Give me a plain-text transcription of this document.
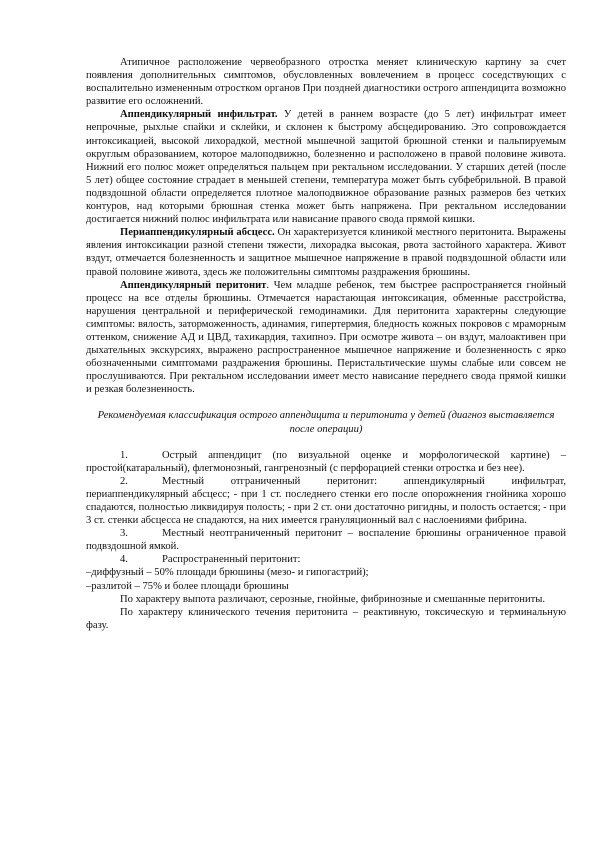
Атипичное расположение червеобразного отростка меняет клиническую картину за счет появления дополнительных симптомов, обусловленных вовлечением в процесс соседствующих с воспалительно измененным отростком органов При поздней диагностики острого аппендицита возможно развитие его осложнений.

Аппендикулярный инфильтрат. У детей в раннем возрасте (до 5 лет) инфильтрат имеет непрочные, рыхлые спайки и склейки, и склонен к быстрому абсцедированию. Это сопровождается интоксикацией, высокой лихорадкой, местной мышечной защитой брюшной стенки и пальпируемым округлым образованием, которое малоподвижно, болезненно и расположено в правой половине живота. Нижний его полюс может определяться пальцем при ректальном исследовании. У старших детей (после 5 лет) общее состояние страдает в меньшей степени, температура может быть субфебрильной. В правой подвздошной области определяется плотное малоподвижное образование разных размеров без четких контуров, над которыми брюшная стенка может быть напряжена. При ректальном исследовании достигается нижний полюс инфильтрата или нависание правого свода прямой кишки.

Периаппендикулярный абсцесс. Он характеризуется клиникой местного перитонита. Выражены явления интоксикации разной степени тяжести, лихорадка высокая, рвота застойного характера. Живот вздут, отмечается болезненность и защитное мышечное напряжение в правой подвздошной области или правой половине живота, здесь же положительны симптомы раздражения брюшины.

Аппендикулярный перитонит. Чем младше ребенок, тем быстрее распространяется гнойный процесс на все отделы брюшины. Отмечается нарастающая интоксикация, обменные расстройства, нарушения центральной и периферической гемодинамики. Для перитонита характерны следующие симптомы: вялость, заторможенность, адинамия, гипертермия, бледность кожных покровов с мраморным оттенком, снижение АД и ЦВД, тахикардия, тахипноэ. При осмотре живота – он вздут, малоактивен при дыхательных экскурсиях, выражено распространенное мышечное напряжение и болезненность с ярко обозначенными симптомами раздражения брюшины. Перистальтические шумы слабые или совсем не прослушиваются. При ректальном исследовании имеет место нависание переднего свода прямой кишки и резкая болезненность.

Рекомендуемая классификация острого аппендицита и перитонита у детей (диагноз выставляется после операции)

1.	Острый аппендицит (по визуальной оценке и морфологической картине) – простой(катаральный), флегмонозный, гангренозный (с перфорацией стенки отростка и без нее).

2.	Местный отграниченный перитонит: аппендикулярный инфильтрат, периаппендикулярный абсцесс; - при 1 ст. последнего стенки его после опорожнения гнойника хорошо спадаются, полностью ликвидируя полость; - при 2 ст. они достаточно ригидны, и полость остается; - при 3 ст. стенки абсцесса не спадаются, на них имеется грануляционный вал с наслоениями фибрина.

3.	Местный неотграниченный перитонит – воспаление брюшины ограниченное правой подвздошной ямкой.

4.	Распространенный перитонит:

–диффузный – 50% площади брюшины (мезо- и гипогастрий);

–разлитой – 75% и более площади брюшины

По характеру выпота различают, серозные, гнойные, фибринозные и смешанные перитониты.

По характеру клинического течения перитонита – реактивную, токсическую и терминальную фазу.
